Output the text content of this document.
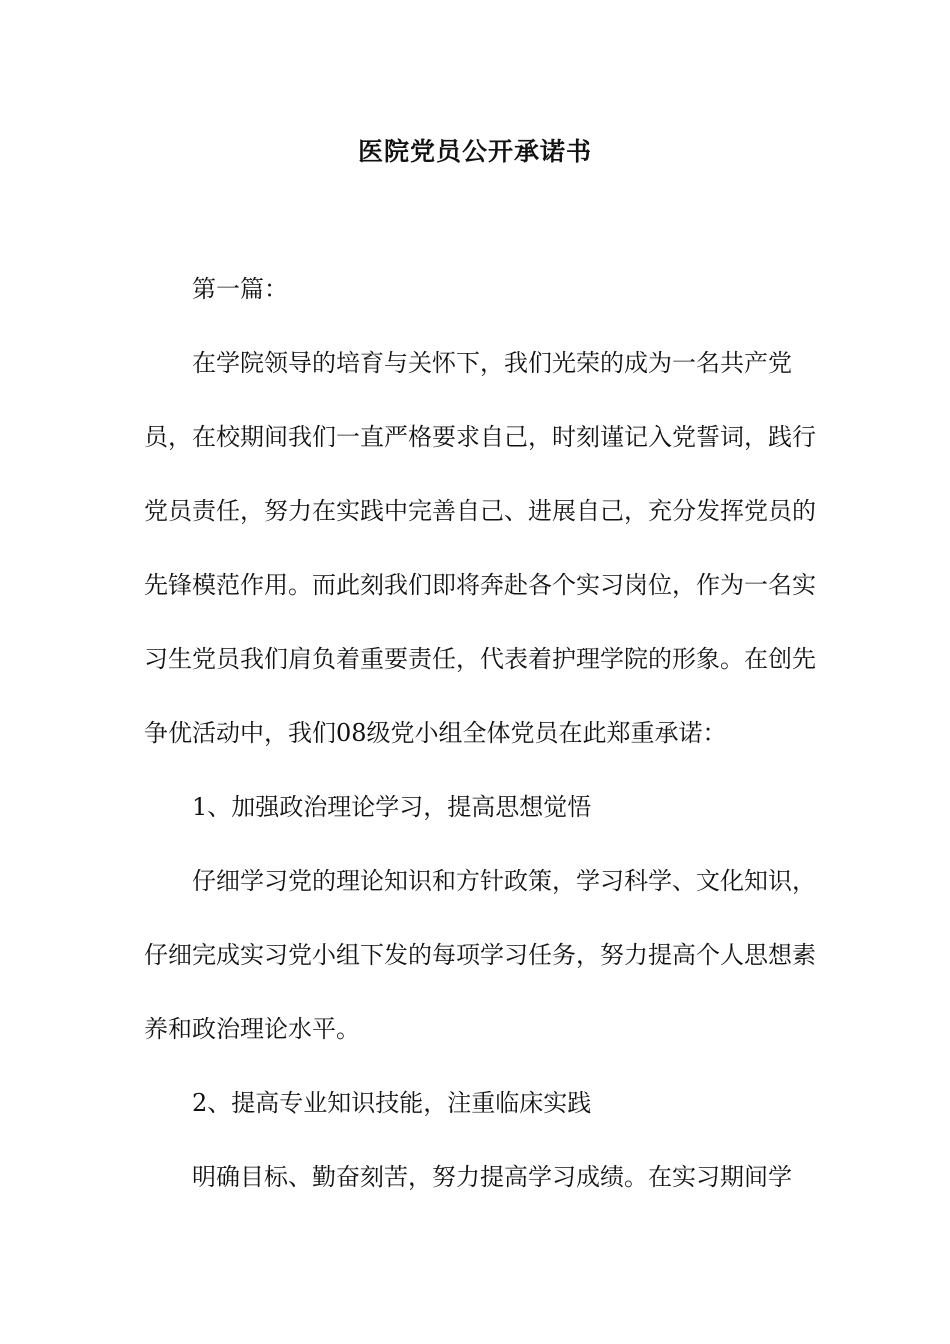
医院党员公开承诺书

第一篇：

在学院领导的培育与关怀下，我们光荣的成为一名共产党员，在校期间我们一直严格要求自己，时刻谨记入党誓词，践行党员责任，努力在实践中完善自己、进展自己，充分发挥党员的先锋模范作用。而此刻我们即将奔赴各个实习岗位，作为一名实习生党员我们肩负着重要责任，代表着护理学院的形象。在创先争优活动中，我们08级党小组全体党员在此郑重承诺：

1、加强政治理论学习，提高思想觉悟

仔细学习党的理论知识和方针政策，学习科学、文化知识，仔细完成实习党小组下发的每项学习任务，努力提高个人思想素养和政治理论水平。

2、提高专业知识技能，注重临床实践

明确目标、勤奋刻苦，努力提高学习成绩。在实习期间学
